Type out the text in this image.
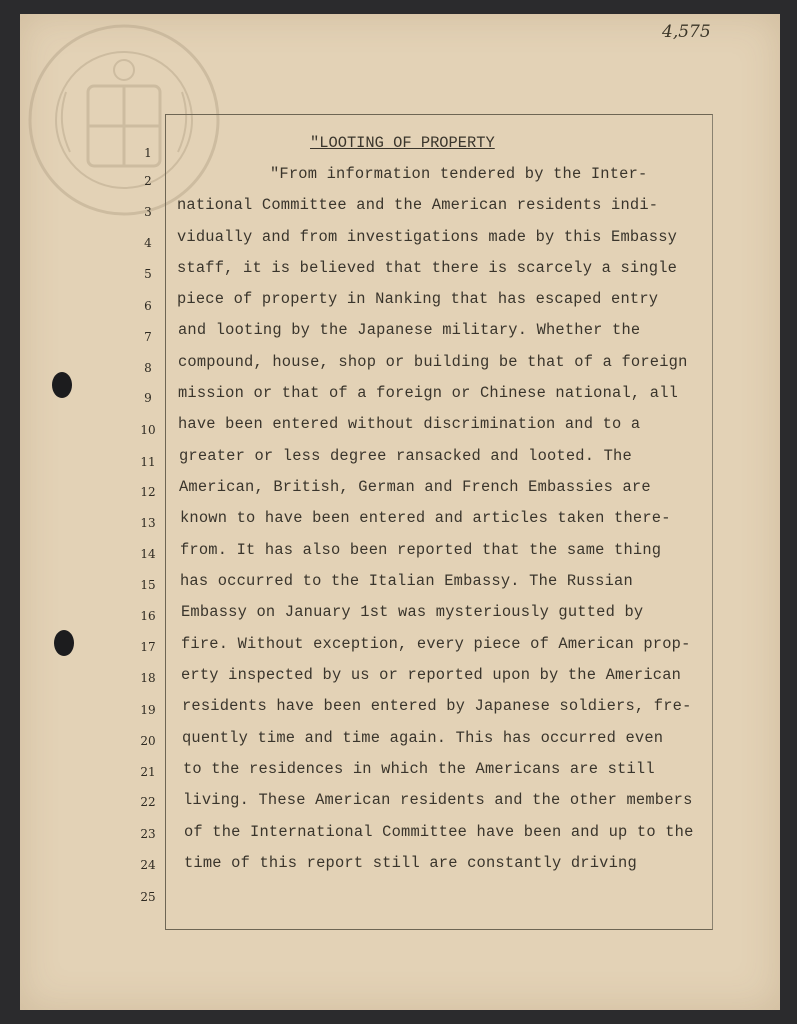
4,575
"LOOTING OF PROPERTY
1
2
3
4
5
6
7
8
9
10
11
12
13
14
15
16
17
18
19
20
21
22
23
24
25
"From information tendered by the Inter-
national Committee and the American residents indi-
vidually and from investigations made by this Embassy
staff, it is believed that there is scarcely a single
piece of property in Nanking that has escaped entry
and looting by the Japanese military. Whether the
compound, house, shop or building be that of a foreign
mission or that of a foreign or Chinese national, all
have been entered without discrimination and to a
greater or less degree ransacked and looted. The
American, British, German and French Embassies are
known to have been entered and articles taken there-
from. It has also been reported that the same thing
has occurred to the Italian Embassy. The Russian
Embassy on January 1st was mysteriously gutted by
fire. Without exception, every piece of American prop-
erty inspected by us or reported upon by the American
residents have been entered by Japanese soldiers, fre-
quently time and time again. This has occurred even
to the residences in which the Americans are still
living. These American residents and the other members
of the International Committee have been and up to the
time of this report still are constantly driving
